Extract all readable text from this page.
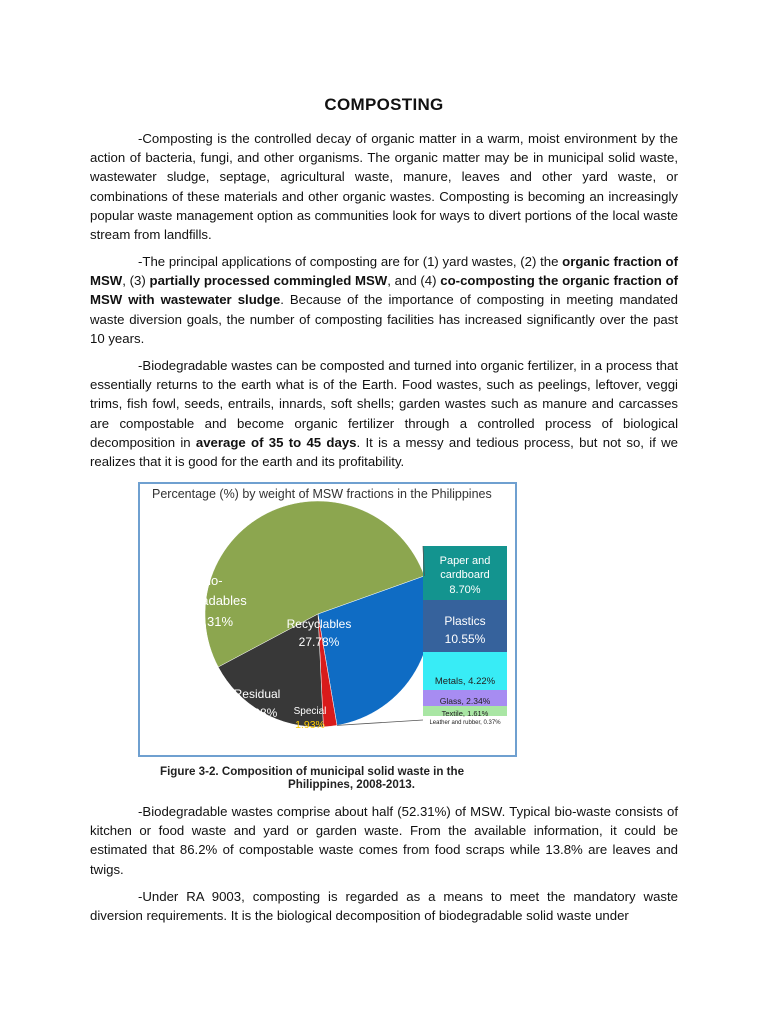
COMPOSTING

-Composting is the controlled decay of organic matter in a warm, moist environment by the action of bacteria, fungi, and other organisms. The organic matter may be in municipal solid waste, wastewater sludge, septage, agricultural waste, manure, leaves and other yard waste, or combinations of these materials and other organic wastes. Composting is becoming an increasingly popular waste management option as communities look for ways to divert portions of the local waste stream from landfills.

-The principal applications of composting are for (1) yard wastes, (2) the organic fraction of MSW, (3) partially processed commingled MSW, and (4) co-composting the organic fraction of MSW with wastewater sludge. Because of the importance of composting in meeting mandated waste diversion goals, the number of composting facilities has increased significantly over the past 10 years.

-Biodegradable wastes can be composted and turned into organic fertilizer, in a process that essentially returns to the earth what is of the Earth. Food wastes, such as peelings, leftover, veggi trims, fish fowl, seeds, entrails, innards, soft shells; garden wastes such as manure and carcasses are compostable and become organic fertilizer through a controlled process of biological decomposition in average of 35 to 45 days. It is a messy and tedious process, but not so, if we realizes that it is good for the earth and its profitability.

Percentage (%) by weight of MSW fractions in the Philippines
Bio-
degradables
52.31%	Recyclables
27.78%
Residual
17.98% Special
1.93%
Paper and
cardboard
8.70%
Plastics
10.55%
Metals, 4.22%
Glass, 2.34%
Textile, 1.61%
Leather and rubber, 0.37%
Figure 3-2. Composition of municipal solid waste in the
Philippines, 2008-2013.

-Biodegradable wastes comprise about half (52.31%) of MSW. Typical bio-waste consists of kitchen or food waste and yard or garden waste. From the available information, it could be estimated that 86.2% of compostable waste comes from food scraps while 13.8% are leaves and twigs.

-Under RA 9003, composting is regarded as a means to meet the mandatory waste diversion requirements. It is the biological decomposition of biodegradable solid waste under
